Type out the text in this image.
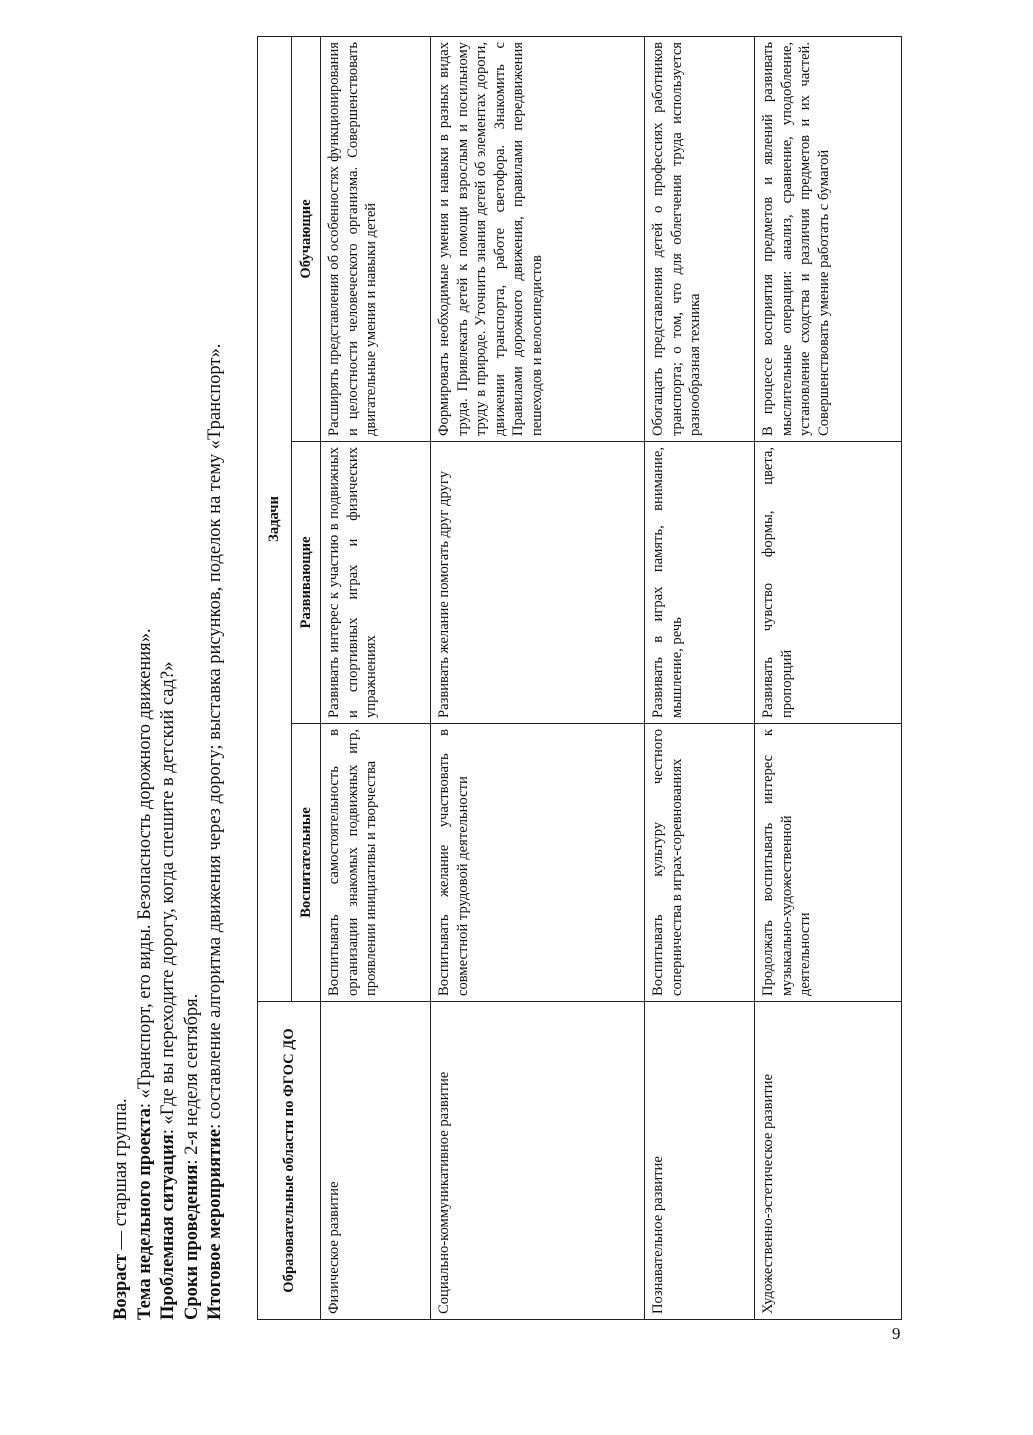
Возраст — старшая группа. Тема недельного проекта: «Транспорт, его виды. Безопасность дорожного движения».

Проблемная ситуация: «Где вы переходите дорогу, когда спешите в детский сад?»

Сроки проведения: 2-я неделя сентября.

Итоговое мероприятие: составление алгоритма движения через дорогу; выставка рисунков, поделок на тему «Транспорт».

Образовательные области по ФГОС ДО	Задачи		
	Воспитательные	Развивающие	Обучающие
Физическое развитие	Воспитывать самостоятельность в организации знакомых подвижных игр, проявлении инициативы и творчества	Развивать интерес к участию в подвижных и спортивных играх и физических упражнениях	Расширять представления об особенностях функционирования и целостности человеческого организма. Совершенствовать двигательные умения и навыки детей
Социально-коммуникативное развитие	Воспитывать желание участвовать в совместной трудовой деятельности	Развивать желание помогать друг другу	Формировать необходимые умения и навыки в разных видах труда. Привлекать детей к помощи взрослым и посильному труду в природе. Уточнить знания детей об элементах дороги, движении транспорта, работе светофора. Знакомить с Правилами дорожного движения, правилами передвижения пешеходов и велосипедистов
Познавательное развитие	Воспитывать культуру честного соперничества в играх-соревнованиях	Развивать в играх память, внимание, мышление, речь	Обогащать представления детей о профессиях работников транспорта; о том, что для облегчения труда используется разнообразная техника
Художественно-эстетическое развитие	Продолжать воспитывать интерес к музыкально-художественной деятельности	Развивать чувство формы, цвета, пропорций	В процессе восприятия предметов и явлений развивать мыслительные операции: анализ, сравнение, уподобление, установление сходства и различия предметов и их частей. Совершенствовать умение работать с бумагой
9
